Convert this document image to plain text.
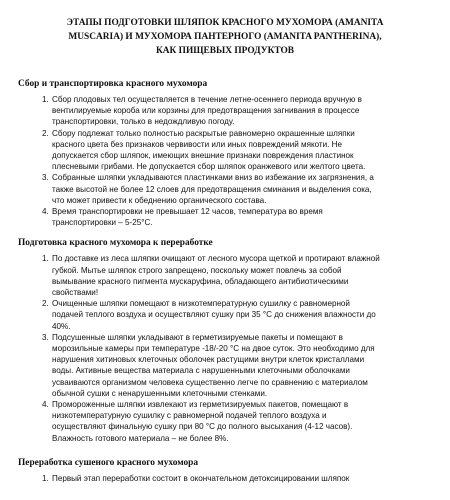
ЭТАПЫ ПОДГОТОВКИ ШЛЯПОК КРАСНОГО МУХОМОРА (AMANITA
MUSCARIA) И МУХОМОРА ПАНТЕРНОГО (AMANITA PANTHERINA),
КАК ПИЩЕВЫХ ПРОДУКТОВ
Сбор и транспортировка красного мухомора
1. Сбор плодовых тел осуществляется в течение летне-осеннего периода вручную в
вентилируемые короба или корзины для предотвращения загнивания в процессе
транспортировки, только в недождливую погоду.
2. Сбору подлежат только полностью раскрытые равномерно окрашенные шляпки
красного цвета без признаков червивости или иных повреждений мякоти. Не
допускается сбор шляпок, имеющих внешние признаки повреждения пластинок
плесневыми грибами. Не допускается сбор шляпок оранжевого или желтого цвета.
3. Собранные шляпки укладываются пластинками вниз во избежание их загрязнения, а
также высотой не более 12 слоев для предотвращения сминания и выделения сока,
что может привести к обеднению органического состава.
4. Время транспортировки не превышает 12 часов, температура во время
транспортировки – 5-25°С.
Подготовка красного мухомора к переработке
1. По доставке из леса шляпки очищают от лесного мусора щеткой и протирают влажной
губкой. Мытье шляпок строго запрещено, поскольку может повлечь за собой
вымывание красного пигмента мускаруфина, обладающего антибиотическими
свойствами!
2. Очищенные шляпки помещают в низкотемпературную сушилку с равномерной
подачей теплого воздуха и осуществляют сушку при 35 °С до снижения влажности до
40%.
3. Подсушенные шляпки укладывают в герметизируемые пакеты и помещают в
морозильные камеры при температуре -18/-20 °С на двое суток. Это необходимо для
нарушения хитиновых клеточных оболочек растущими внутри клеток кристаллами
воды. Активные вещества материала с нарушенными клеточными оболочками
усваиваются организмом человека существенно легче по сравнению с материалом
обычной сушки с ненарушенными клеточными стенками.
4. Промороженные шляпки извлекают из герметизируемых пакетов, помещают в
низкотемпературную сушилку с равномерной подачей теплого воздуха и
осуществляют финальную сушку при 80 °С до полного высыхания (4-12 часов).
Влажность готового материала – не более 8%.
Переработка сушеного красного мухомора
1. Первый этап переработки состоит в окончательном детоксицировании шляпок
